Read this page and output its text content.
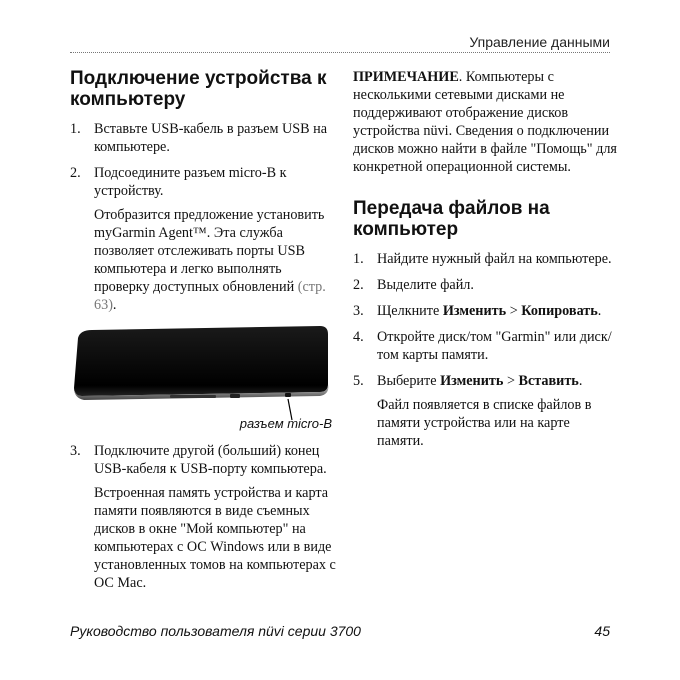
Управление данными
Подключение устройства к компьютеру
1. Вставьте USB-кабель в разъем USB на компьютере.
2. Подсоедините разъем micro-B к устройству.

Отобразится предложение установить myGarmin Agent™. Эта служба позволяет отслеживать порты USB компьютера и легко выполнять проверку доступных обновлений (стр. 63).

разъем micro-B
3. Подключите другой (больший) конец USB-кабеля к USB-порту компьютера.

Встроенная память устройства и карта памяти появляются в виде съемных дисков в окне "Мой компьютер" на компьютерах с ОС Windows или в виде установленных томов на компьютерах с ОС Mac.

ПРИМЕЧАНИЕ. Компьютеры с несколькими сетевыми дисками не поддерживают отображение дисков устройства nüvi. Сведения о подключении дисков можно найти в файле "Помощь" для конкретной операционной системы.

Передача файлов на компьютер
1. Найдите нужный файл на компьютере.
2. Выделите файл.
3. Щелкните Изменить > Копировать.
4. Откройте диск/том "Garmin" или диск/том карты памяти.
5. Выберите Изменить > Вставить.

Файл появляется в списке файлов в памяти устройства или на карте памяти.

Руководство пользователя nüvi серии 3700	45
